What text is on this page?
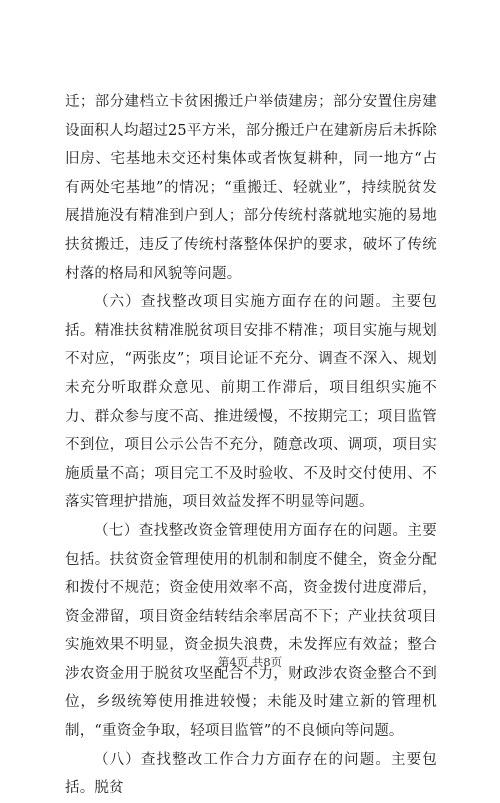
迁；部分建档立卡贫困搬迁户举债建房；部分安置住房建设面积人均超过25平方米，部分搬迁户在建新房后未拆除旧房、宅基地未交还村集体或者恢复耕种，同一地方“占有两处宅基地”的情况；“重搬迁、轻就业”，持续脱贫发展措施没有精准到户到人；部分传统村落就地实施的易地扶贫搬迁，违反了传统村落整体保护的要求，破坏了传统村落的格局和风貌等问题。

（六）查找整改项目实施方面存在的问题。主要包括。精准扶贫精准脱贫项目安排不精准；项目实施与规划不对应，“两张皮”；项目论证不充分、调查不深入、规划未充分听取群众意见、前期工作滞后，项目组织实施不力、群众参与度不高、推进缓慢，不按期完工；项目监管不到位，项目公示公告不充分，随意改项、调项，项目实施质量不高；项目完工不及时验收、不及时交付使用、不落实管理护措施，项目效益发挥不明显等问题。

（七）查找整改资金管理使用方面存在的问题。主要包括。扶贫资金管理使用的机制和制度不健全，资金分配和拨付不规范；资金使用效率不高，资金拨付进度滞后，资金滞留，项目资金结转结余率居高不下；产业扶贫项目实施效果不明显，资金损失浪费，未发挥应有效益；整合涉农资金用于脱贫攻坚配合不力，财政涉农资金整合不到位，乡级统筹使用推进较慢；未能及时建立新的管理机制，“重资金争取，轻项目监管”的不良倾向等问题。

（八）查找整改工作合力方面存在的问题。主要包括。脱贫

第4页 共8页
